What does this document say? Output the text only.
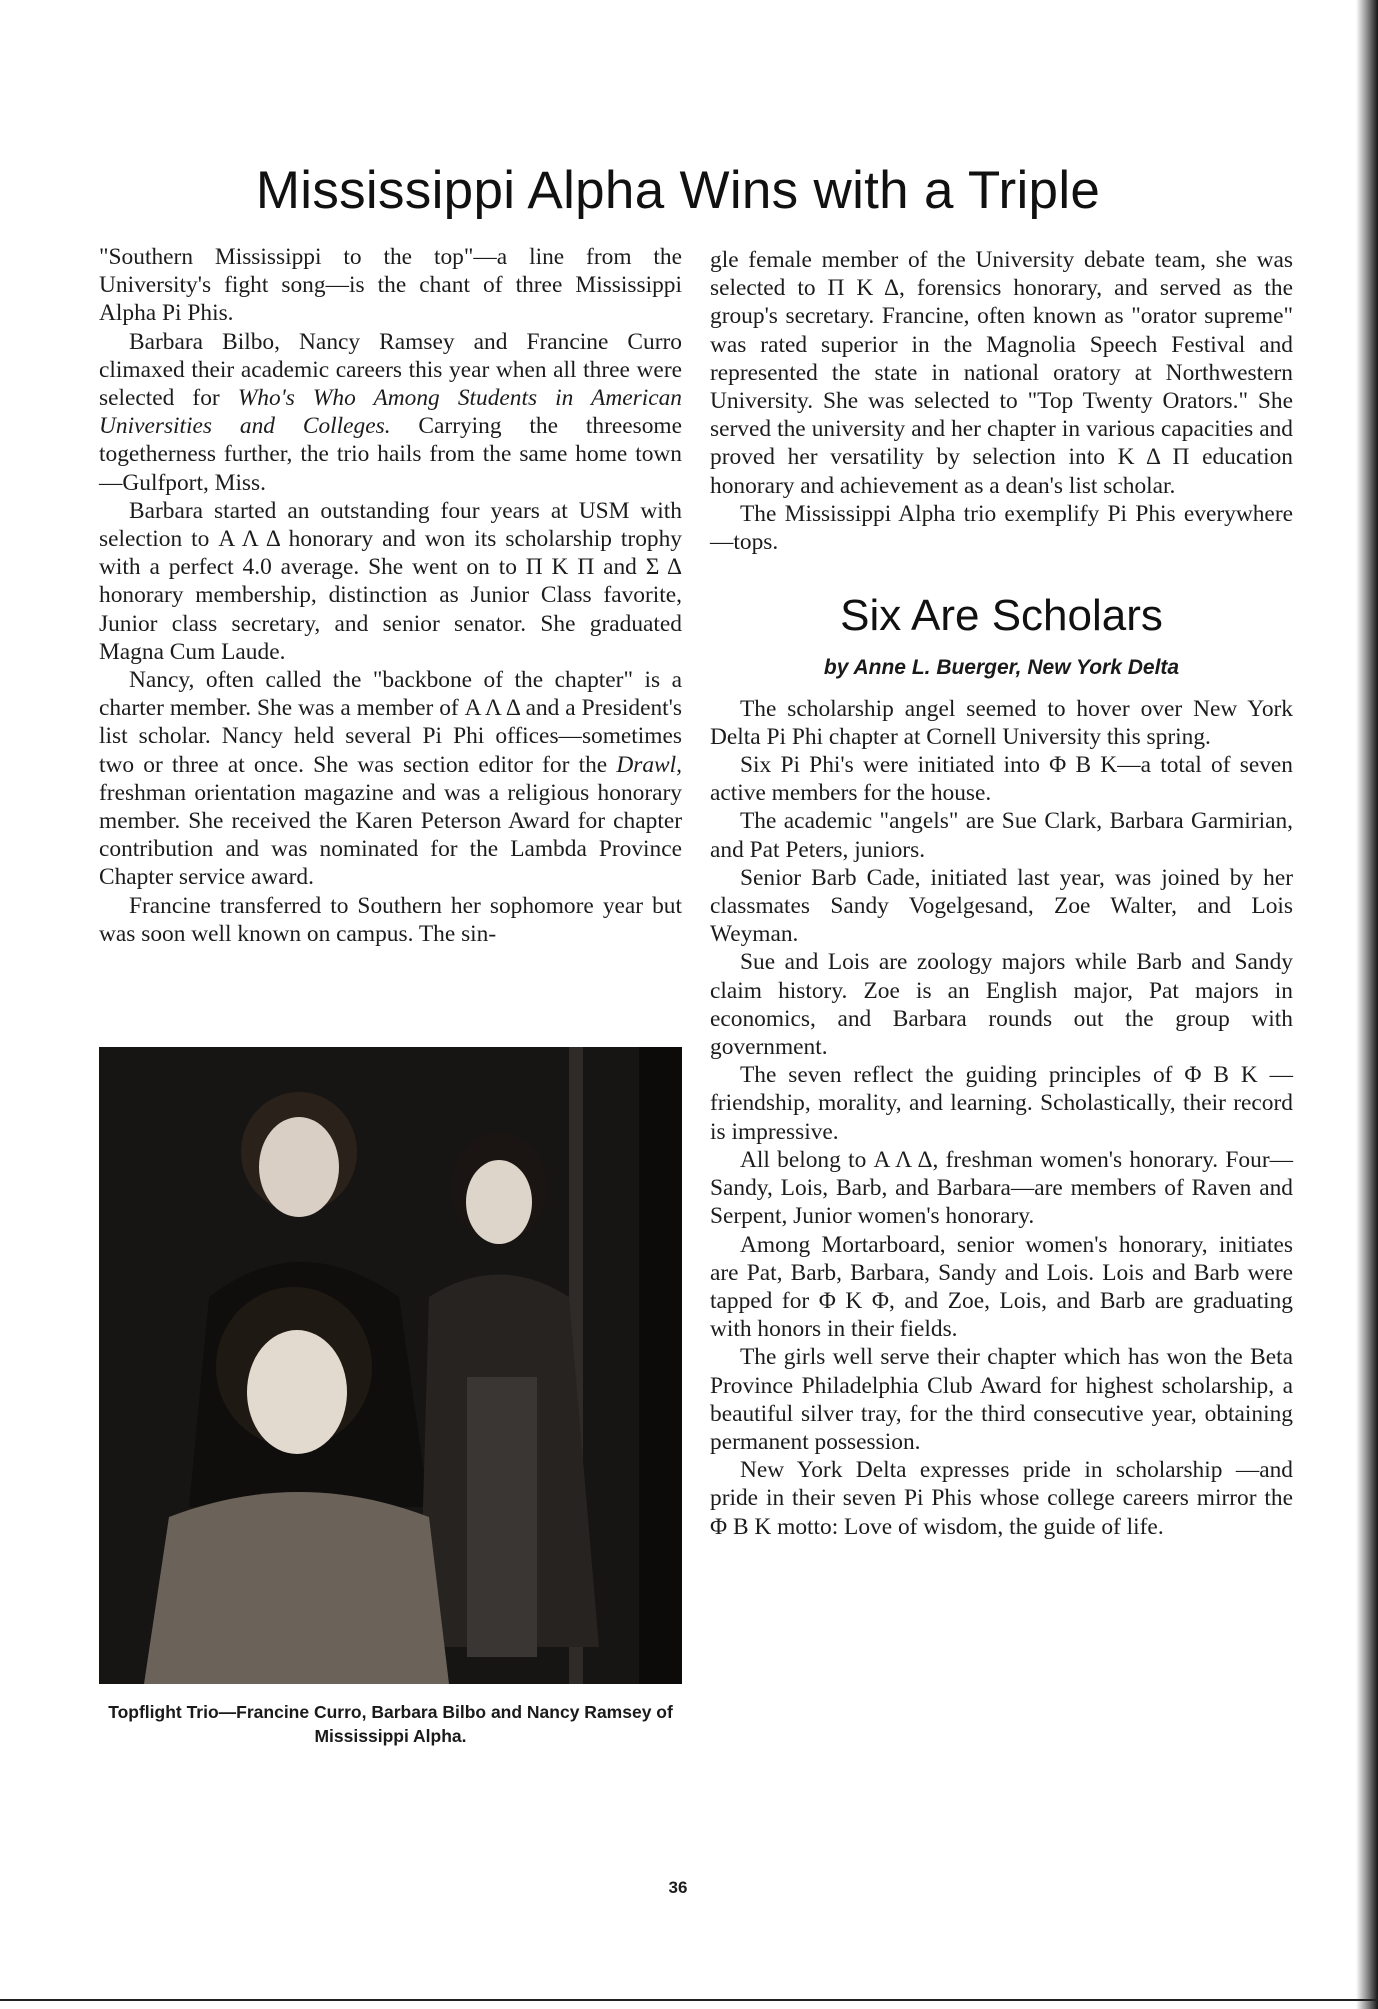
Mississippi Alpha Wins with a Triple

"Southern Mississippi to the top"—a line from the University's fight song—is the chant of three Mississippi Alpha Pi Phis.

Barbara Bilbo, Nancy Ramsey and Francine Curro climaxed their academic careers this year when all three were selected for Who's Who Among Students in American Universities and Colleges. Carrying the threesome togetherness further, the trio hails from the same home town—Gulfport, Miss.

Barbara started an outstanding four years at USM with selection to Α Λ Δ honorary and won its scholarship trophy with a perfect 4.0 average. She went on to Π Κ Π and Σ Δ honorary membership, distinction as Junior Class favorite, Junior class secretary, and senior senator. She graduated Magna Cum Laude.

Nancy, often called the "backbone of the chapter" is a charter member. She was a member of Α Λ Δ and a President's list scholar. Nancy held several Pi Phi offices—sometimes two or three at once. She was section editor for the Drawl, freshman orientation magazine and was a religious honorary member. She received the Karen Peterson Award for chapter contribution and was nominated for the Lambda Province Chapter service award.

Francine transferred to Southern her sophomore year but was soon well known on campus. The sin-

Topflight Trio—Francine Curro, Barbara Bilbo and Nancy Ramsey of Mississippi Alpha.

gle female member of the University debate team, she was selected to Π Κ Δ, forensics honorary, and served as the group's secretary. Francine, often known as "orator supreme" was rated superior in the Magnolia Speech Festival and represented the state in national oratory at Northwestern University. She was selected to "Top Twenty Orators." She served the university and her chapter in various capacities and proved her versatility by selection into Κ Δ Π education honorary and achievement as a dean's list scholar.

The Mississippi Alpha trio exemplify Pi Phis everywhere—tops.

Six Are Scholars
by Anne L. Buerger, New York Delta

The scholarship angel seemed to hover over New York Delta Pi Phi chapter at Cornell University this spring.

Six Pi Phi's were initiated into Φ Β Κ—a total of seven active members for the house.

The academic "angels" are Sue Clark, Barbara Garmirian, and Pat Peters, juniors.

Senior Barb Cade, initiated last year, was joined by her classmates Sandy Vogelgesand, Zoe Walter, and Lois Weyman.

Sue and Lois are zoology majors while Barb and Sandy claim history. Zoe is an English major, Pat majors in economics, and Barbara rounds out the group with government.

The seven reflect the guiding principles of Φ Β Κ —friendship, morality, and learning. Scholastically, their record is impressive.

All belong to Α Λ Δ, freshman women's honorary. Four—Sandy, Lois, Barb, and Barbara—are members of Raven and Serpent, Junior women's honorary.

Among Mortarboard, senior women's honorary, initiates are Pat, Barb, Barbara, Sandy and Lois. Lois and Barb were tapped for Φ Κ Φ, and Zoe, Lois, and Barb are graduating with honors in their fields.

The girls well serve their chapter which has won the Beta Province Philadelphia Club Award for highest scholarship, a beautiful silver tray, for the third consecutive year, obtaining permanent possession.

New York Delta expresses pride in scholarship —and pride in their seven Pi Phis whose college careers mirror the Φ Β Κ motto: Love of wisdom, the guide of life.

36
